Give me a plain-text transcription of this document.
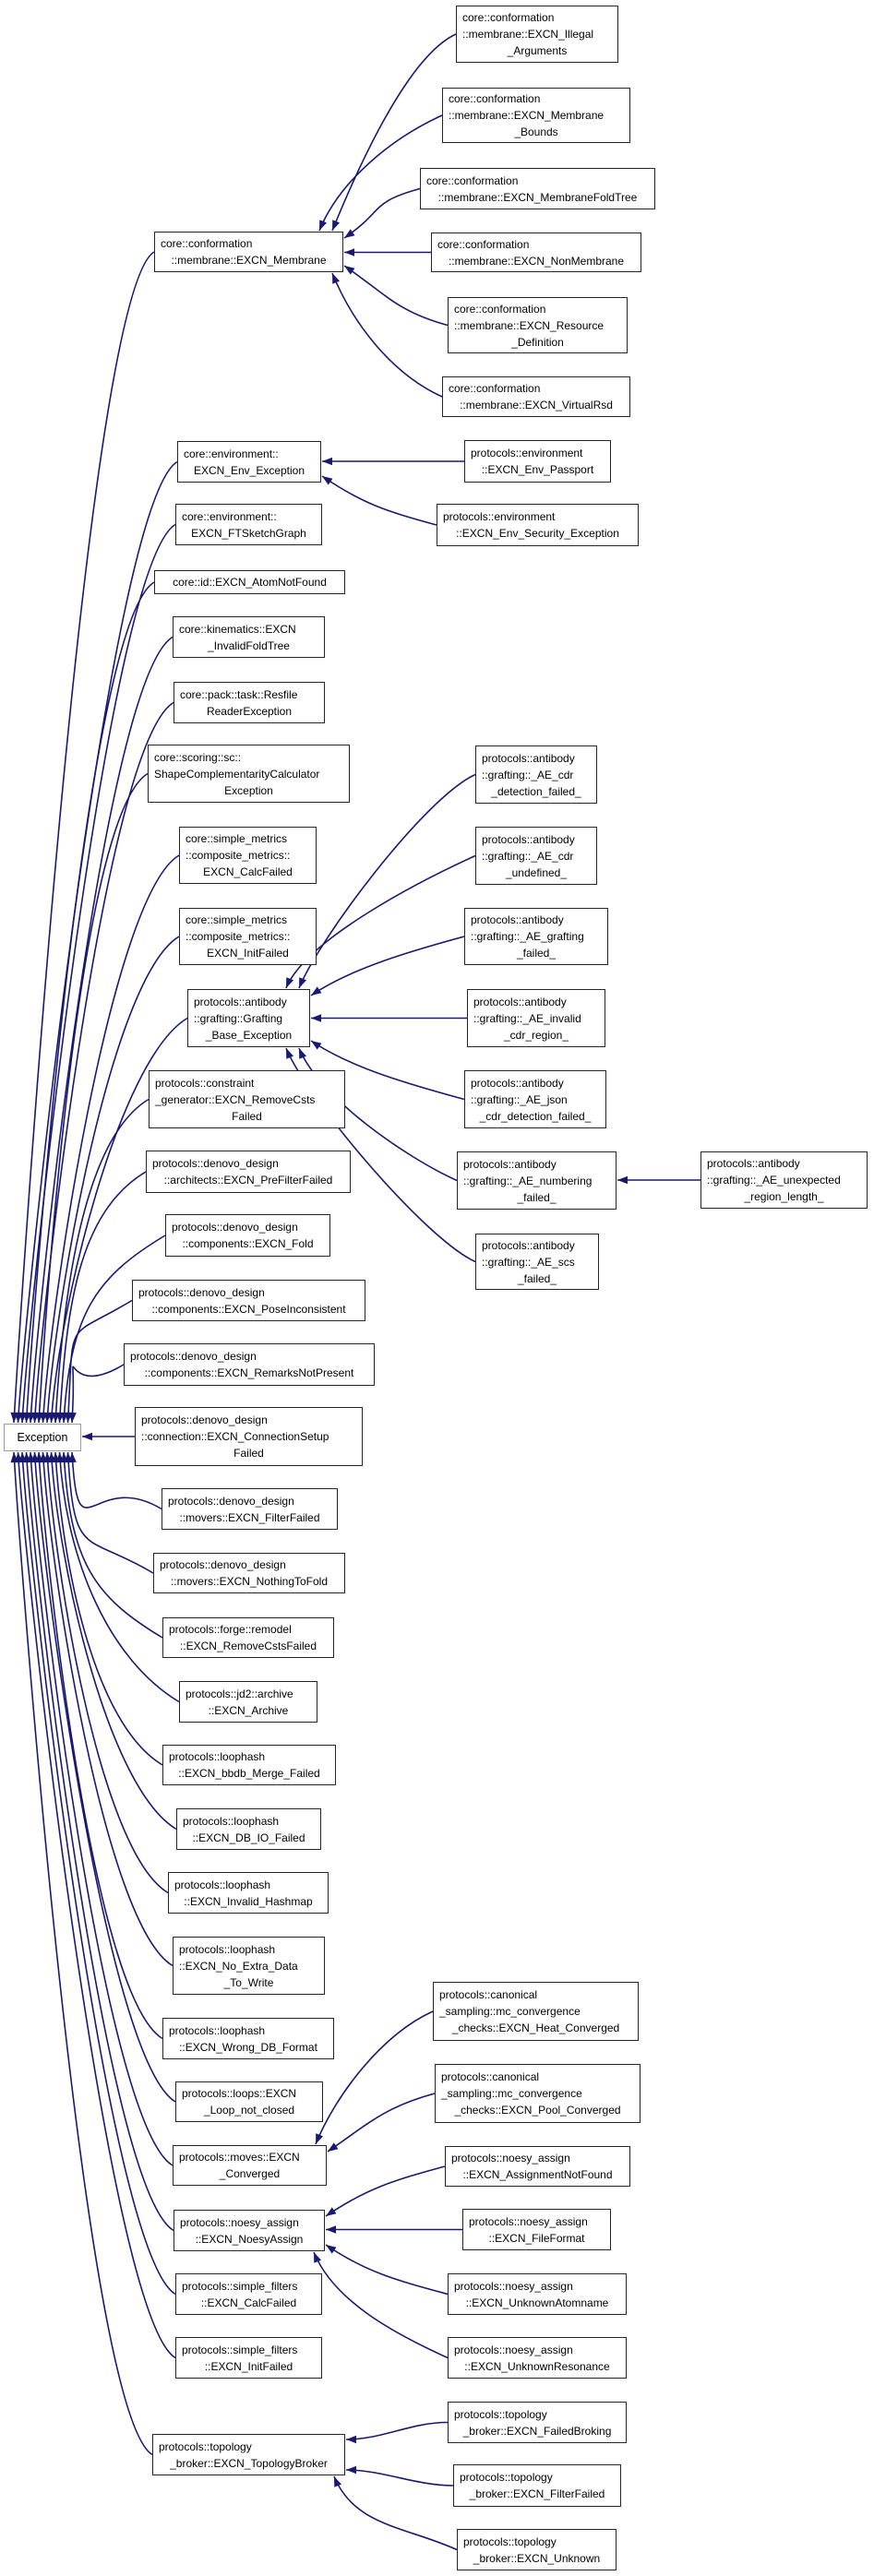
Exception
core::conformation
::membrane::EXCN_Membrane
core::environment::
EXCN_Env_Exception
core::environment::
EXCN_FTSketchGraph
core::id::EXCN_AtomNotFound
core::kinematics::EXCN
_InvalidFoldTree
core::pack::task::Resfile
ReaderException
core::scoring::sc::
ShapeComplementarityCalculator
Exception
core::simple_metrics
::composite_metrics::
EXCN_CalcFailed
core::simple_metrics
::composite_metrics::
EXCN_InitFailed
protocols::antibody
::grafting::Grafting
_Base_Exception
protocols::constraint
_generator::EXCN_RemoveCsts
Failed
protocols::denovo_design
::architects::EXCN_PreFilterFailed
protocols::denovo_design
::components::EXCN_Fold
protocols::denovo_design
::components::EXCN_PoseInconsistent
protocols::denovo_design
::components::EXCN_RemarksNotPresent
protocols::denovo_design
::connection::EXCN_ConnectionSetup
Failed
protocols::denovo_design
::movers::EXCN_FilterFailed
protocols::denovo_design
::movers::EXCN_NothingToFold
protocols::forge::remodel
::EXCN_RemoveCstsFailed
protocols::jd2::archive
::EXCN_Archive
protocols::loophash
::EXCN_bbdb_Merge_Failed
protocols::loophash
::EXCN_DB_IO_Failed
protocols::loophash
::EXCN_Invalid_Hashmap
protocols::loophash
::EXCN_No_Extra_Data
_To_Write
protocols::loophash
::EXCN_Wrong_DB_Format
protocols::loops::EXCN
_Loop_not_closed
protocols::moves::EXCN
_Converged
protocols::noesy_assign
::EXCN_NoesyAssign
protocols::simple_filters
::EXCN_CalcFailed
protocols::simple_filters
::EXCN_InitFailed
protocols::topology
_broker::EXCN_TopologyBroker
core::conformation
::membrane::EXCN_Illegal
_Arguments
core::conformation
::membrane::EXCN_Membrane
_Bounds
core::conformation
::membrane::EXCN_MembraneFoldTree
core::conformation
::membrane::EXCN_NonMembrane
core::conformation
::membrane::EXCN_Resource
_Definition
core::conformation
::membrane::EXCN_VirtualRsd
protocols::environment
::EXCN_Env_Passport
protocols::environment
::EXCN_Env_Security_Exception
protocols::antibody
::grafting::_AE_cdr
_detection_failed_
protocols::antibody
::grafting::_AE_cdr
_undefined_
protocols::antibody
::grafting::_AE_grafting
_failed_
protocols::antibody
::grafting::_AE_invalid
_cdr_region_
protocols::antibody
::grafting::_AE_json
_cdr_detection_failed_
protocols::antibody
::grafting::_AE_numbering
_failed_
protocols::antibody
::grafting::_AE_scs
_failed_
protocols::antibody
::grafting::_AE_unexpected
_region_length_
protocols::canonical
_sampling::mc_convergence
_checks::EXCN_Heat_Converged
protocols::canonical
_sampling::mc_convergence
_checks::EXCN_Pool_Converged
protocols::noesy_assign
::EXCN_AssignmentNotFound
protocols::noesy_assign
::EXCN_FileFormat
protocols::noesy_assign
::EXCN_UnknownAtomname
protocols::noesy_assign
::EXCN_UnknownResonance
protocols::topology
_broker::EXCN_FailedBroking
protocols::topology
_broker::EXCN_FilterFailed
protocols::topology
_broker::EXCN_Unknown
